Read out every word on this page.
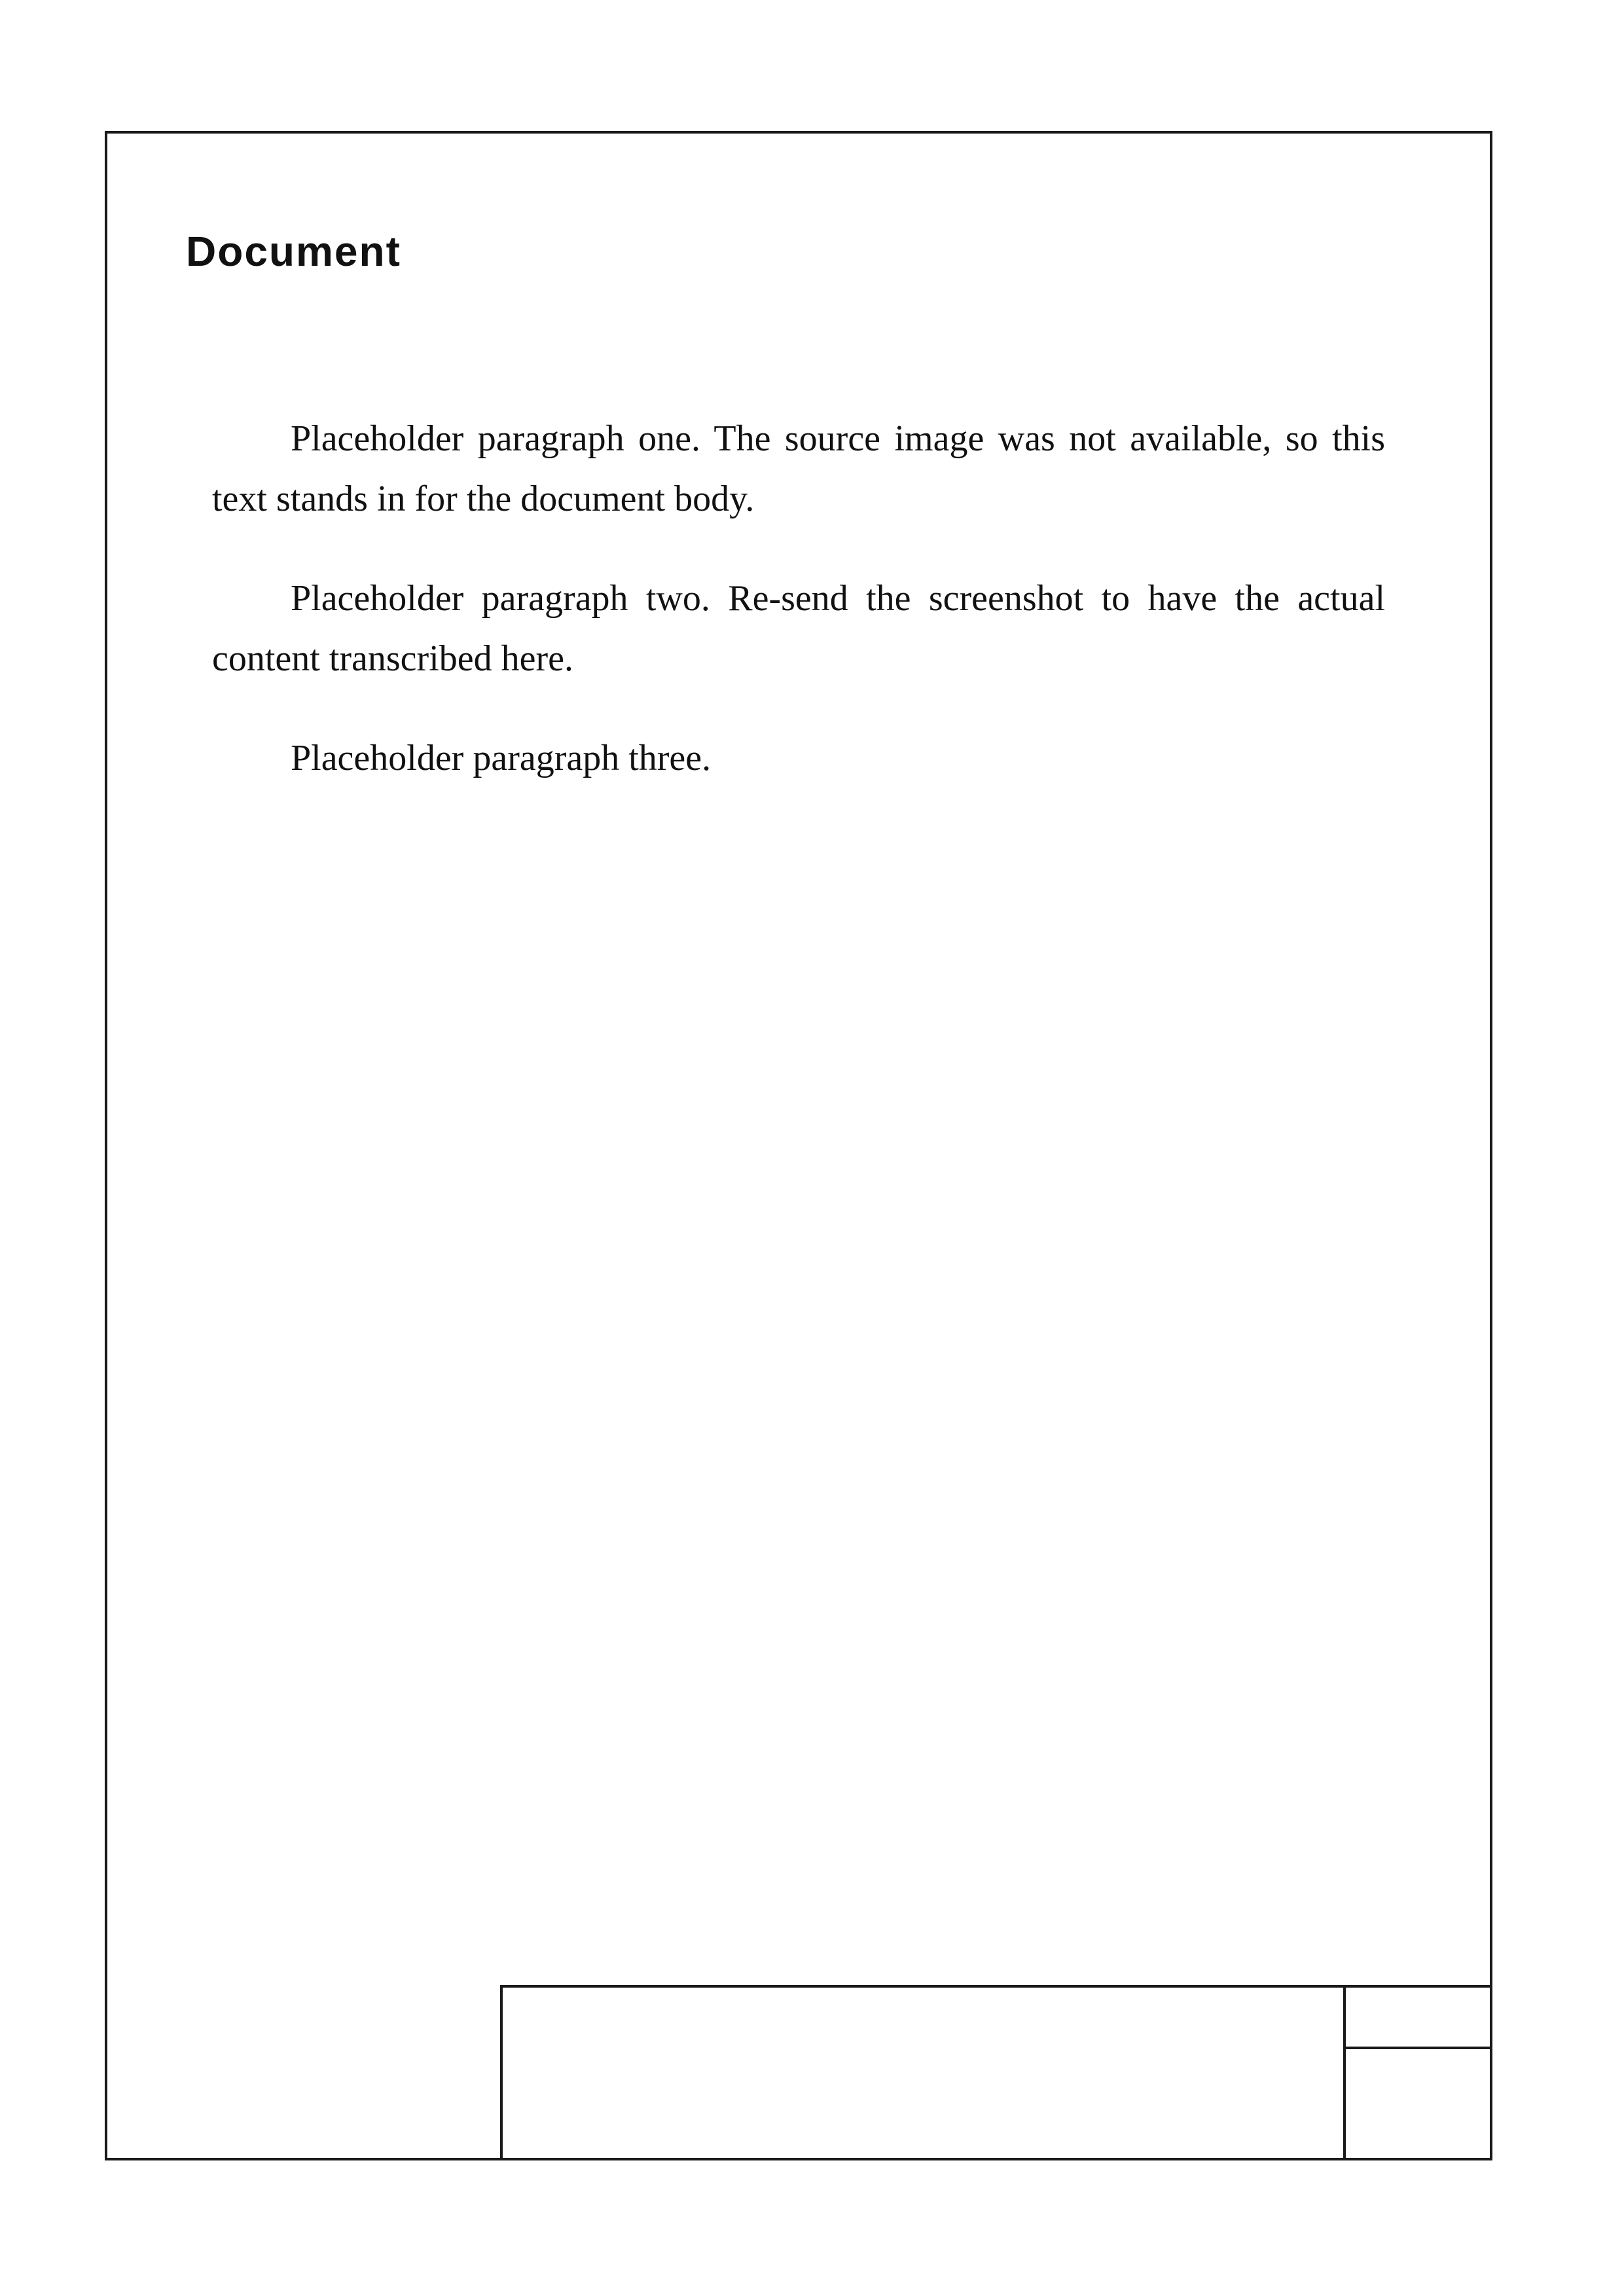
Document

Placeholder paragraph one. The source image was not available, so this text stands in for the document body.

Placeholder paragraph two. Re-send the screenshot to have the actual content transcribed here.

Placeholder paragraph three.
